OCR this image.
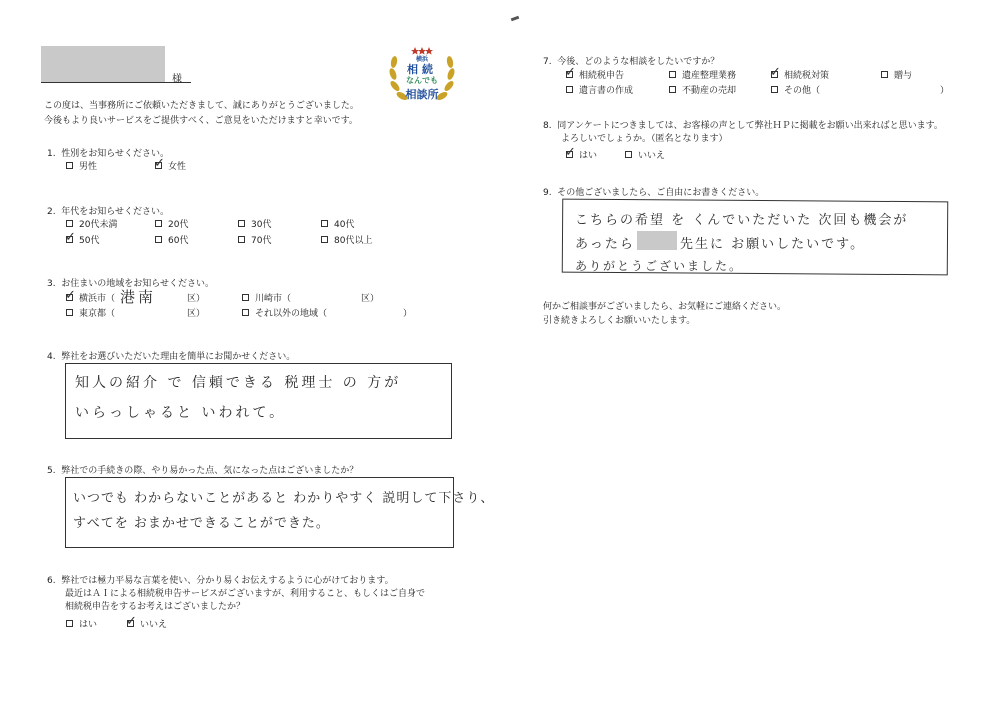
様
この度は、当事務所にご依頼いただきまして、誠にありがとうございました。
今後もより良いサービスをご提供すべく、ご意見をいただけますと幸いです。
横浜
相続
なんでも
相談所
1.  性別をお知らせください。
男性	✓ 女性
2.  年代をお知らせください。
20代未満	20代	30代	40代
✓ 50代	60代	70代	80代以上
3.  お住まいの地域をお知らせください。
✓ 横浜市（ 港南	区）	川崎市（	区）
東京都（	区）	それ以外の地域（	）
4.  弊社をお選びいただいた理由を簡単にお聞かせください。
知人の紹介 で 信頼できる 税理士 の 方が
いらっしゃると いわれて。
5.  弊社での手続きの際、やり易かった点、気になった点はございましたか？
いつでも わからないことがあると わかりやすく 説明して下さり、
すべてを おまかせできることができた。
6.  弊社では極力平易な言葉を使い、分かり易くお伝えするように心がけております。
最近はＡＩによる相続税申告サービスがございますが、利用すること、もしくはご自身で
相続税申告をするお考えはございましたか？
はい ✓ いいえ
7.  今後、どのような相談をしたいですか？
✓ 相続税申告	遺産整理業務	✓ 相続税対策	贈与
遺言書の作成	不動産の売却	その他（	）
8.  同アンケートにつきましては、お客様の声として弊社ＨＰに掲載をお願い出来ればと思います。
よろしいでしょうか。（匿名となります）
✓ はい	いいえ
9.  その他ございましたら、ご自由にお書きください。
こちらの希望 を くんでいただいた 次回も機会が
あったら	先生に お願いしたいです。
ありがとうございました。
何かご相談事がございましたら、お気軽にご連絡ください。
引き続きよろしくお願いいたします。
